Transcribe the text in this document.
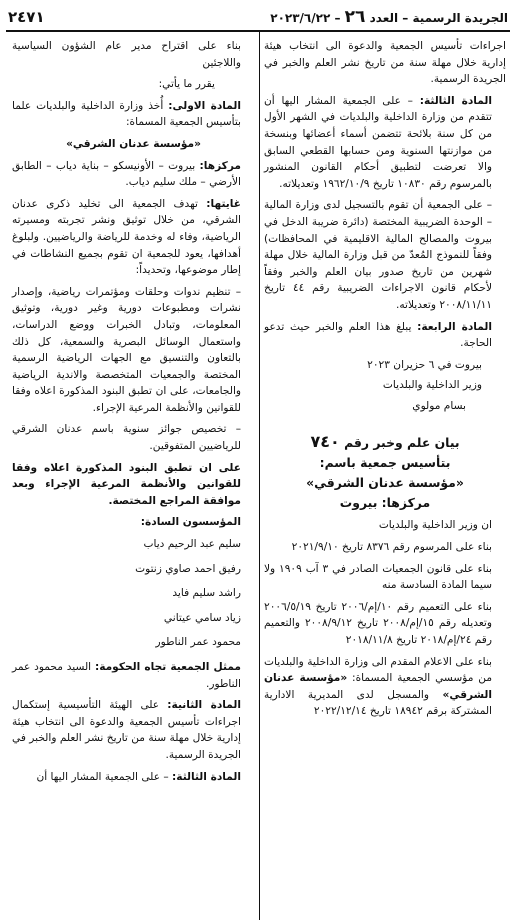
الجريدة الرسمية – العدد ٢٦ – ٢٠٢٣/٦/٢٢
٢٤٧١

اجراءات تأسيس الجمعية والدعوة الى انتخاب هيئة إدارية خلال مهلة سنة من تاريخ نشر العلم والخبر في الجريدة الرسمية.

المادة الثالثة: – على الجمعية المشار اليها أن تتقدم من وزارة الداخلية والبلديات في الشهر الأول من كل سنة بلائحة تتضمن أسماء أعضائها وبنسخة من موازنتها السنوية ومن حسابها القطعي السابق والا تعرضت لتطبيق أحكام القانون المنشور بالمرسوم رقم ١٠٨٣٠ تاريخ ١٩٦٢/١٠/٩ وتعديلاته.

– على الجمعية أن تقوم بالتسجيل لدى وزارة المالية – الوحدة الضريبية المختصة (دائرة ضريبة الدخل في بيروت والمصالح المالية الاقليمية في المحافظات) وفقاً للنموذج المُعدّ من قبل وزارة المالية خلال مهلة شهرين من تاريخ صدور بيان العلم والخبر وفقاً لأحكام قانون الاجراءات الضريبية رقم ٤٤ تاريخ ٢٠٠٨/١١/١١ وتعديلاته.

المادة الرابعة: يبلغ هذا العلم والخبر حيث تدعو الحاجة.

بيروت في ٦ حزيران ٢٠٢٣

وزير الداخلية والبلديات

بسام مولوي

بيان علم وخبر رقم ٧٤٠
بتأسيس جمعية باسم:
«مؤسسة عدنان الشرقي»
مركزها: بيروت

ان وزير الداخلية والبلديات

بناء على المرسوم رقم ٨٣٧٦ تاريخ ٢٠٢١/٩/١٠

بناء على قانون الجمعيات الصادر في ٣ آب ١٩٠٩ ولا سيما المادة السادسة منه

بناء على التعميم رقم ١٠/إم/٢٠٠٦ تاريخ ٢٠٠٦/٥/١٩ وتعديله رقم ١٥/إم/٢٠٠٨ تاريخ ٢٠٠٨/٩/١٢ والتعميم رقم ٢٤/إم/٢٠١٨ تاريخ ٢٠١٨/١١/٨

بناء على الاعلام المقدم الى وزارة الداخلية والبلديات من مؤسسي الجمعية المسماة: «مؤسسة عدنان الشرقي» والمسجل لدى المديرية الادارية المشتركة برقم ١٨٩٤٢ تاريخ ٢٠٢٢/١٢/١٤

بناء على اقتراح مدير عام الشؤون السياسية واللاجئين

يقرر ما يأتي:

المادة الاولى: أُخذ وزارة الداخلية والبلديات علما بتأسيس الجمعية المسماة:

«مؤسسة عدنان الشرقي»

مركزها: بيروت – الأونيسكو – بناية دياب – الطابق الأرضي – ملك سليم دياب.

غايتها: تهدف الجمعية الى تخليد ذكرى عدنان الشرقي، من خلال توثيق ونشر تجربته ومسيرته الرياضية، وفاء له وخدمة للرياضة والرياضيين. ولبلوغ أهدافها، يعود للجمعية ان تقوم بجميع النشاطات في إطار موضوعها، وتحديداً:

– تنظيم ندوات وحلقات ومؤتمرات رياضية، وإصدار نشرات ومطبوعات دورية وغير دورية، وتوثيق المعلومات، وتبادل الخبرات ووضع الدراسات، واستعمال الوسائل البصرية والسمعية، كل ذلك بالتعاون والتنسيق مع الجهات الرياضية الرسمية المختصة والجمعيات المتخصصة والاندية الرياضية والجامعات، على ان تطبق البنود المذكورة اعلاه وفقا للقوانين والأنظمة المرعية الإجراء.

– تخصيص جوائز سنوية باسم عدنان الشرقي للرياضيين المتفوقين.

على ان تطبق البنود المذكورة اعلاه وفقا للقوانين والأنظمة المرعية الإجراء وبعد موافقة المراجع المختصة.

المؤسسون السادة:

سليم عبد الرحيم دياب

رفيق احمد صاوي زنتوت

راشد سليم فايد

زياد سامي عيتاني

محمود عمر الناطور

ممثل الجمعية تجاه الحكومة: السيد محمود عمر الناطور.

المادة الثانية: على الهيئة التأسيسية إستكمال اجراءات تأسيس الجمعية والدعوة الى انتخاب هيئة إدارية خلال مهلة سنة من تاريخ نشر العلم والخبر في الجريدة الرسمية.

المادة الثالثة: – على الجمعية المشار اليها أن
